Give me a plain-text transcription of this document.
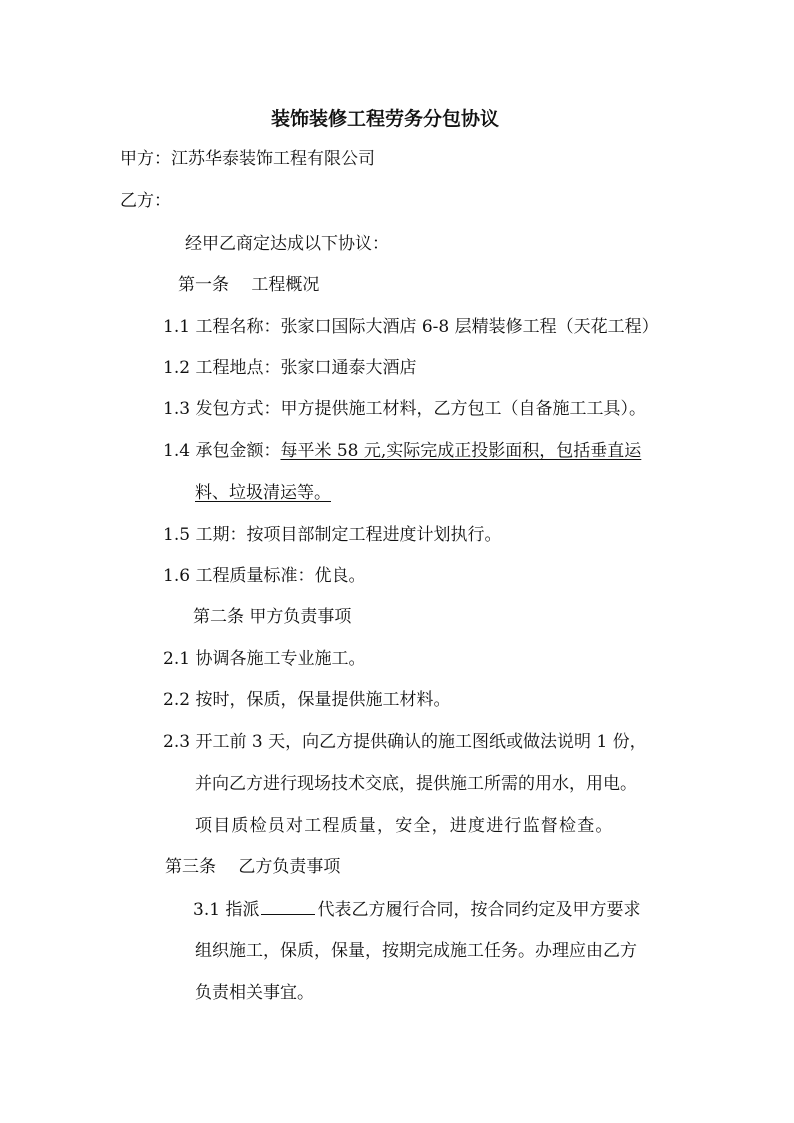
装饰装修工程劳务分包协议
甲方：江苏华泰装饰工程有限公司
乙方：
经甲乙商定达成以下协议：
第一条　 工程概况
1.1 工程名称：张家口国际大酒店 6-8 层精装修工程（天花工程）
1.2 工程地点：张家口通泰大酒店
1.3 发包方式：甲方提供施工材料，乙方包工（自备施工工具）。
1.4 承包金额：每平米 58 元,实际完成正投影面积，包括垂直运
料、垃圾清运等。
1.5 工期：按项目部制定工程进度计划执行。
1.6 工程质量标准：优良。
第二条 甲方负责事项
2.1 协调各施工专业施工。
2.2 按时，保质，保量提供施工材料。
2.3 开工前 3 天，向乙方提供确认的施工图纸或做法说明 1 份，
并向乙方进行现场技术交底，提供施工所需的用水，用电。
项目质检员对工程质量，安全，进度进行监督检查。
第三条　 乙方负责事项
3.1 指派	代表乙方履行合同，按合同约定及甲方要求
组织施工，保质，保量，按期完成施工任务。办理应由乙方
负责相关事宜。
